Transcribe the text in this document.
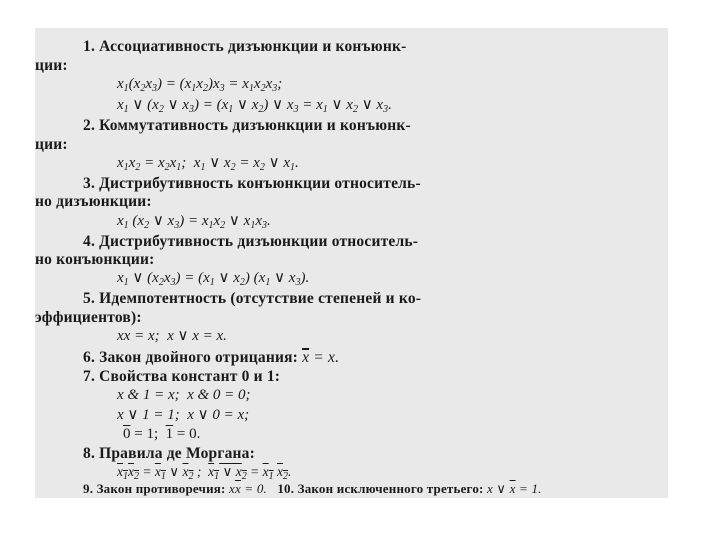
1. Ассоциативность дизъюнкции и конъюнк-
ции:
$x_1(x_2x_3) = (x_1x_2)x_3 = x_1x_2x_3$;
$x_1$ ∨ ($x_2$ ∨ $x_3) = (x_1$ ∨ $x_2$) ∨ $x_3 = x_1$ ∨ $x_2$ ∨ $x_3$.
2. Коммутативность дизъюнкции и конъюнк-
ции:
$x_1x_2 = x_2x_1$;  $x_1$ ∨ $x_2 = x_2$ ∨ $x_1$.
3. Дистрибутивность конъюнкции относитель-
но дизъюнкции:
$x_1$ ($x_2$ ∨ $x_3) = x_1x_2$ ∨ $x_1x_3$.
4. Дистрибутивность дизъюнкции относитель-
но конъюнкции:
$x_1$ ∨ $(x_2x_3) = (x_1$ ∨ $x_2$) ($x_1$ ∨ $x_3$).
5. Идемпотентность (отсутствие степеней и ко-
эффициентов):
xx = x;  x ∨ x = x.
6. Закон двойного отрицания: $\overline{x} = x$.
7. Свойства констант 0 и 1:
x & 1 = x;  x & 0 = 0;
x ∨ 1 = 1;  x ∨ 0 = x;
0 = 1;  1 = 0.
8. Правила де Моргана:
$x_1x_2 = x_1$ ∨ $x_2$ ;  $x_1$ ∨ $x_2 = x_1$ $x_2$.
9. Закон противоречия: $x\overline{x} = 0$.   10. Закон исключенного третьего: x ∨ $\overline{x} = 1$.
